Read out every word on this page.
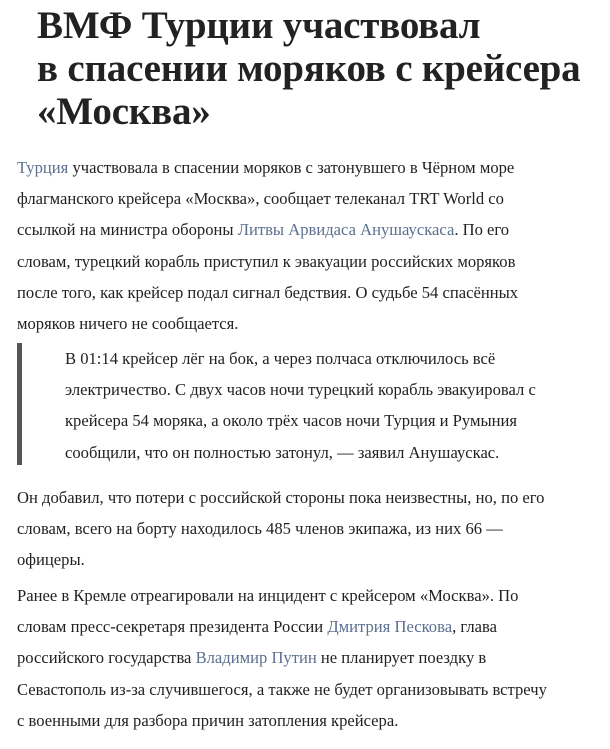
ВМФ Турции участвовал
в спасении моряков с крейсера
«Москва»

Турция участвовала в спасении моряков с затонувшего в Чёрном море
флагманского крейсера «Москва», сообщает телеканал TRT World со
ссылкой на министра обороны Литвы Арвидаса Анушаускаса. По его
словам, турецкий корабль приступил к эвакуации российских моряков
после того, как крейсер подал сигнал бедствия. О судьбе 54 спасённых
моряков ничего не сообщается.

В 01:14 крейсер лёг на бок, а через полчаса отключилось всё
электричество. С двух часов ночи турецкий корабль эвакуировал с
крейсера 54 моряка, а около трёх часов ночи Турция и Румыния
сообщили, что он полностью затонул, — заявил Анушаускас.

Он добавил, что потери с российской стороны пока неизвестны, но, по его
словам, всего на борту находилось 485 членов экипажа, из них 66 —
офицеры.

Ранее в Кремле отреагировали на инцидент с крейсером «Москва». По
словам пресс-секретаря президента России Дмитрия Пескова, глава
российского государства Владимир Путин не планирует поездку в
Севастополь из-за случившегося, а также не будет организовывать встречу
с военными для разбора причин затопления крейсера.
